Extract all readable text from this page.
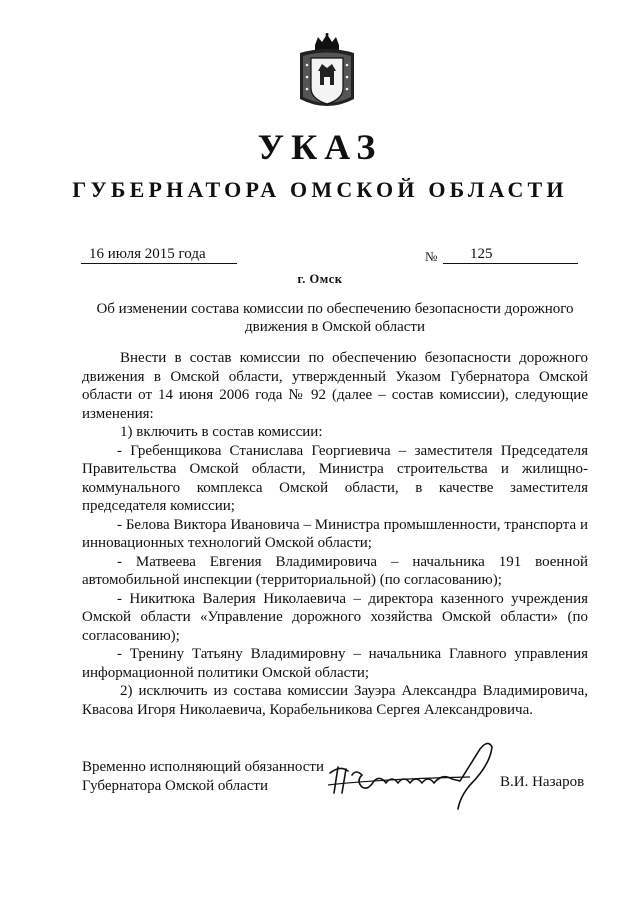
УКАЗ
ГУБЕРНАТОРА ОМСКОЙ ОБЛАСТИ
16 июля 2015 года	№ 125
г. Омск
Об изменении состава комиссии по обеспечению безопасности дорожного движения в Омской области

Внести в состав комиссии по обеспечению безопасности дорожного движения в Омской области, утвержденный Указом Губернатора Омской области от 14 июня 2006 года № 92 (далее – состав комиссии), следующие изменения:

1) включить в состав комиссии:

- Гребенщикова Станислава Георгиевича – заместителя Председателя Правительства Омской области, Министра строительства и жилищно-коммунального комплекса Омской области, в качестве заместителя председателя комиссии;

- Белова Виктора Ивановича – Министра промышленности, транспорта и инновационных технологий Омской области;

- Матвеева Евгения Владимировича – начальника 191 военной автомобильной инспекции (территориальной) (по согласованию);

- Никитюка Валерия Николаевича – директора казенного учреждения Омской области «Управление дорожного хозяйства Омской области» (по согласованию);

- Тренину Татьяну Владимировну – начальника Главного управления информационной политики Омской области;

2) исключить из состава комиссии Зауэра Александра Владимировича, Квасова Игоря Николаевича, Корабельникова Сергея Александровича.

Временно исполняющий обязанности
Губернатора Омской области	В.И. Назаров
